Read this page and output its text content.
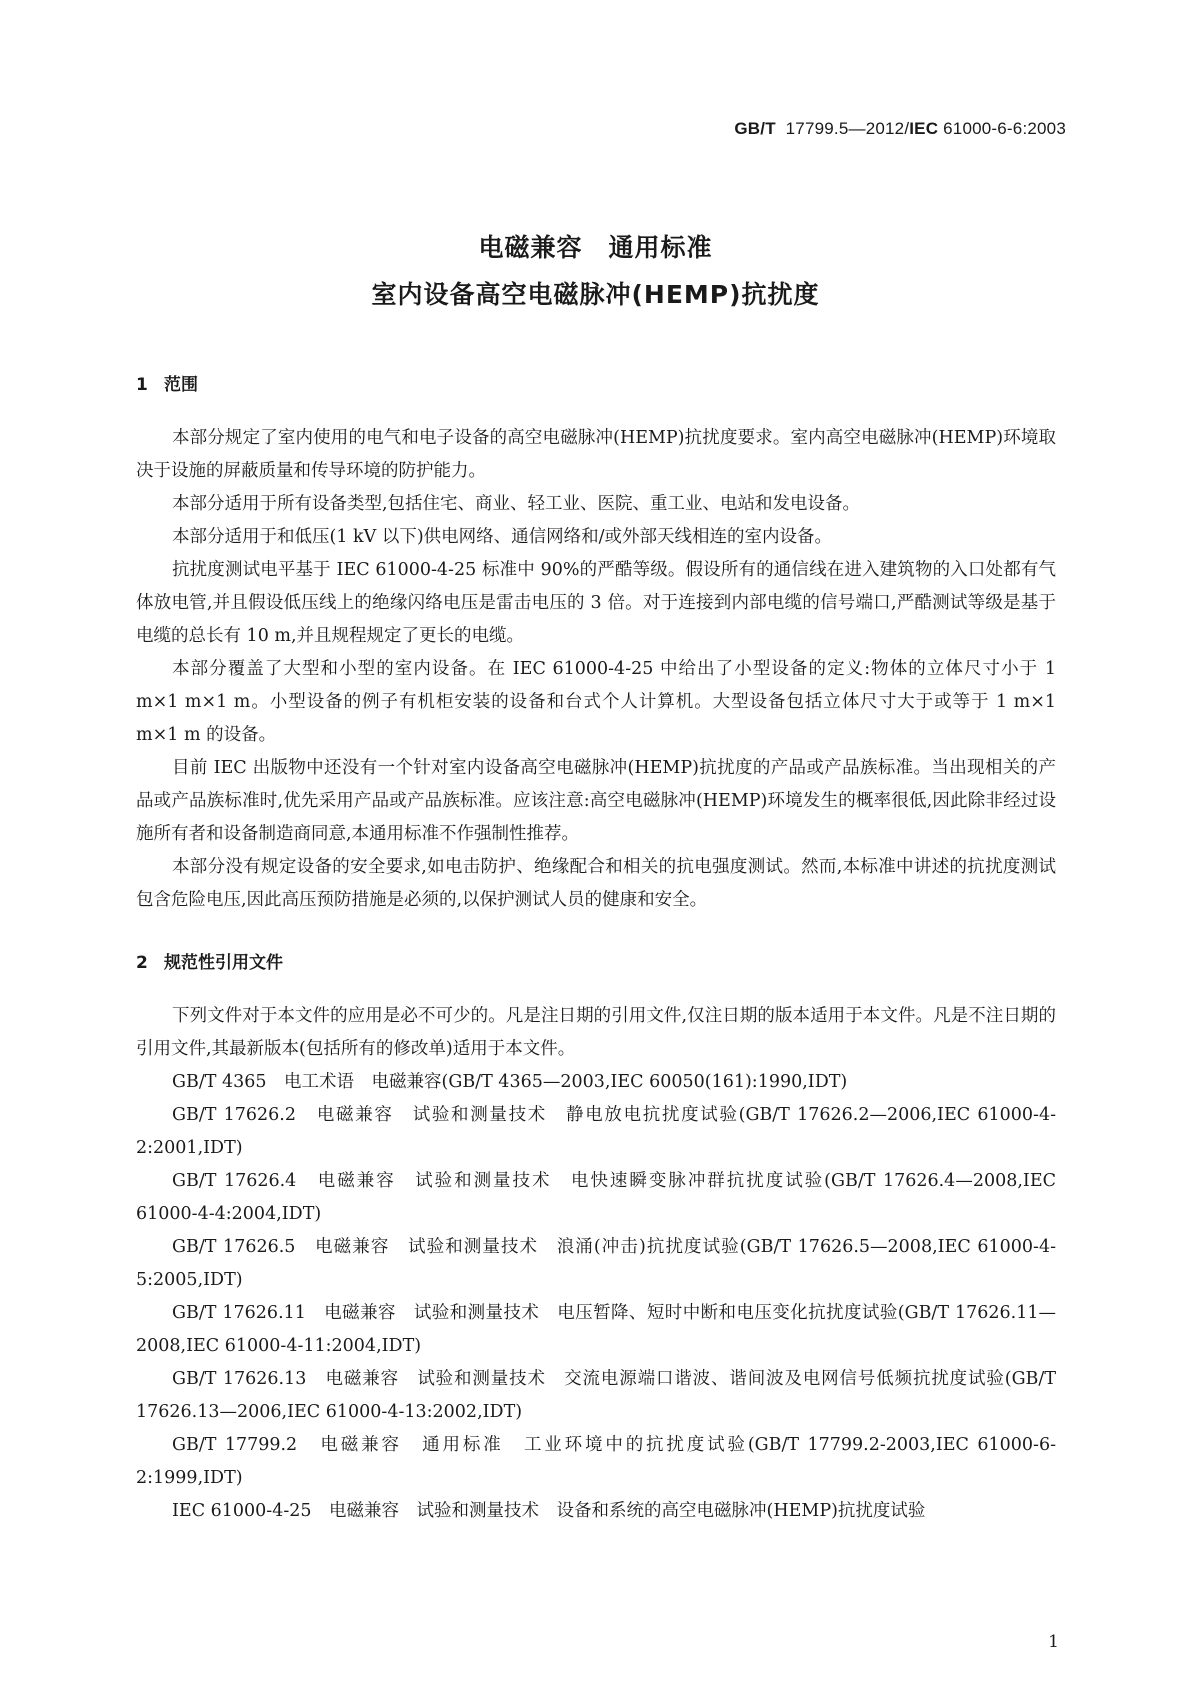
GB/T 17799.5—2012/IEC 61000-6-6:2003
电磁兼容　通用标准
室内设备高空电磁脉冲(HEMP)抗扰度
1 范围

本部分规定了室内使用的电气和电子设备的高空电磁脉冲(HEMP)抗扰度要求。室内高空电磁脉冲(HEMP)环境取决于设施的屏蔽质量和传导环境的防护能力。

本部分适用于所有设备类型,包括住宅、商业、轻工业、医院、重工业、电站和发电设备。

本部分适用于和低压(1 kV 以下)供电网络、通信网络和/或外部天线相连的室内设备。

抗扰度测试电平基于 IEC 61000-4-25 标准中 90%的严酷等级。假设所有的通信线在进入建筑物的入口处都有气体放电管,并且假设低压线上的绝缘闪络电压是雷击电压的 3 倍。对于连接到内部电缆的信号端口,严酷测试等级是基于电缆的总长有 10 m,并且规程规定了更长的电缆。

本部分覆盖了大型和小型的室内设备。在 IEC 61000-4-25 中给出了小型设备的定义:物体的立体尺寸小于 1 m×1 m×1 m。小型设备的例子有机柜安装的设备和台式个人计算机。大型设备包括立体尺寸大于或等于 1 m×1 m×1 m 的设备。

目前 IEC 出版物中还没有一个针对室内设备高空电磁脉冲(HEMP)抗扰度的产品或产品族标准。当出现相关的产品或产品族标准时,优先采用产品或产品族标准。应该注意:高空电磁脉冲(HEMP)环境发生的概率很低,因此除非经过设施所有者和设备制造商同意,本通用标准不作强制性推荐。

本部分没有规定设备的安全要求,如电击防护、绝缘配合和相关的抗电强度测试。然而,本标准中讲述的抗扰度测试包含危险电压,因此高压预防措施是必须的,以保护测试人员的健康和安全。

2 规范性引用文件

下列文件对于本文件的应用是必不可少的。凡是注日期的引用文件,仅注日期的版本适用于本文件。凡是不注日期的引用文件,其最新版本(包括所有的修改单)适用于本文件。

GB/T 4365　电工术语　电磁兼容(GB/T 4365—2003,IEC 60050(161):1990,IDT)

GB/T 17626.2　电磁兼容　试验和测量技术　静电放电抗扰度试验(GB/T 17626.2—2006,IEC 61000-4-2:2001,IDT)

GB/T 17626.4　电磁兼容　试验和测量技术　电快速瞬变脉冲群抗扰度试验(GB/T 17626.4—2008,IEC 61000-4-4:2004,IDT)

GB/T 17626.5　电磁兼容　试验和测量技术　浪涌(冲击)抗扰度试验(GB/T 17626.5—2008,IEC 61000-4-5:2005,IDT)

GB/T 17626.11　电磁兼容　试验和测量技术　电压暂降、短时中断和电压变化抗扰度试验(GB/T 17626.11—2008,IEC 61000-4-11:2004,IDT)

GB/T 17626.13　电磁兼容　试验和测量技术　交流电源端口谐波、谐间波及电网信号低频抗扰度试验(GB/T 17626.13—2006,IEC 61000-4-13:2002,IDT)

GB/T 17799.2　电磁兼容　通用标准　工业环境中的抗扰度试验(GB/T 17799.2-2003,IEC 61000-6-2:1999,IDT)

IEC 61000-4-25　电磁兼容　试验和测量技术　设备和系统的高空电磁脉冲(HEMP)抗扰度试验

1
